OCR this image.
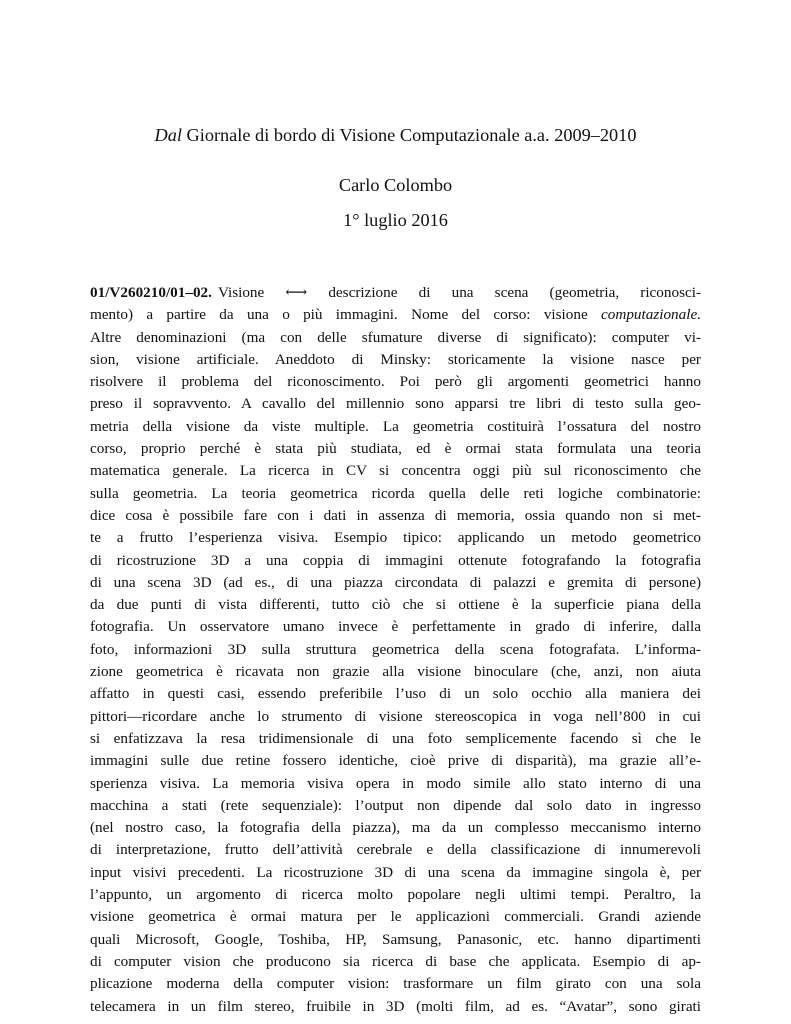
Dal Giornale di bordo di Visione Computazionale a.a. 2009–2010
Carlo Colombo
1° luglio 2016
01/V260210/01–02. Visione ⟷ descrizione di una scena (geometria, riconosci-
mento) a partire da una o più immagini. Nome del corso: visione computazionale.
Altre denominazioni (ma con delle sfumature diverse di significato): computer vi-
sion, visione artificiale. Aneddoto di Minsky: storicamente la visione nasce per
risolvere il problema del riconoscimento. Poi però gli argomenti geometrici hanno
preso il sopravvento. A cavallo del millennio sono apparsi tre libri di testo sulla geo-
metria della visione da viste multiple. La geometria costituirà l’ossatura del nostro
corso, proprio perché è stata più studiata, ed è ormai stata formulata una teoria
matematica generale. La ricerca in CV si concentra oggi più sul riconoscimento che
sulla geometria. La teoria geometrica ricorda quella delle reti logiche combinatorie:
dice cosa è possibile fare con i dati in assenza di memoria, ossia quando non si met-
te a frutto l’esperienza visiva. Esempio tipico: applicando un metodo geometrico
di ricostruzione 3D a una coppia di immagini ottenute fotografando la fotografia
di una scena 3D (ad es., di una piazza circondata di palazzi e gremita di persone)
da due punti di vista differenti, tutto ciò che si ottiene è la superficie piana della
fotografia. Un osservatore umano invece è perfettamente in grado di inferire, dalla
foto, informazioni 3D sulla struttura geometrica della scena fotografata. L’informa-
zione geometrica è ricavata non grazie alla visione binoculare (che, anzi, non aiuta
affatto in questi casi, essendo preferibile l’uso di un solo occhio alla maniera dei
pittori—ricordare anche lo strumento di visione stereoscopica in voga nell’800 in cui
si enfatizzava la resa tridimensionale di una foto semplicemente facendo sì che le
immagini sulle due retine fossero identiche, cioè prive di disparità), ma grazie all’e-
sperienza visiva. La memoria visiva opera in modo simile allo stato interno di una
macchina a stati (rete sequenziale): l’output non dipende dal solo dato in ingresso
(nel nostro caso, la fotografia della piazza), ma da un complesso meccanismo interno
di interpretazione, frutto dell’attività cerebrale e della classificazione di innumerevoli
input visivi precedenti. La ricostruzione 3D di una scena da immagine singola è, per
l’appunto, un argomento di ricerca molto popolare negli ultimi tempi. Peraltro, la
visione geometrica è ormai matura per le applicazioni commerciali. Grandi aziende
quali Microsoft, Google, Toshiba, HP, Samsung, Panasonic, etc. hanno dipartimenti
di computer vision che producono sia ricerca di base che applicata. Esempio di ap-
plicazione moderna della computer vision: trasformare un film girato con una sola
telecamera in un film stereo, fruibile in 3D (molti film, ad es. “Avatar”, sono girati
